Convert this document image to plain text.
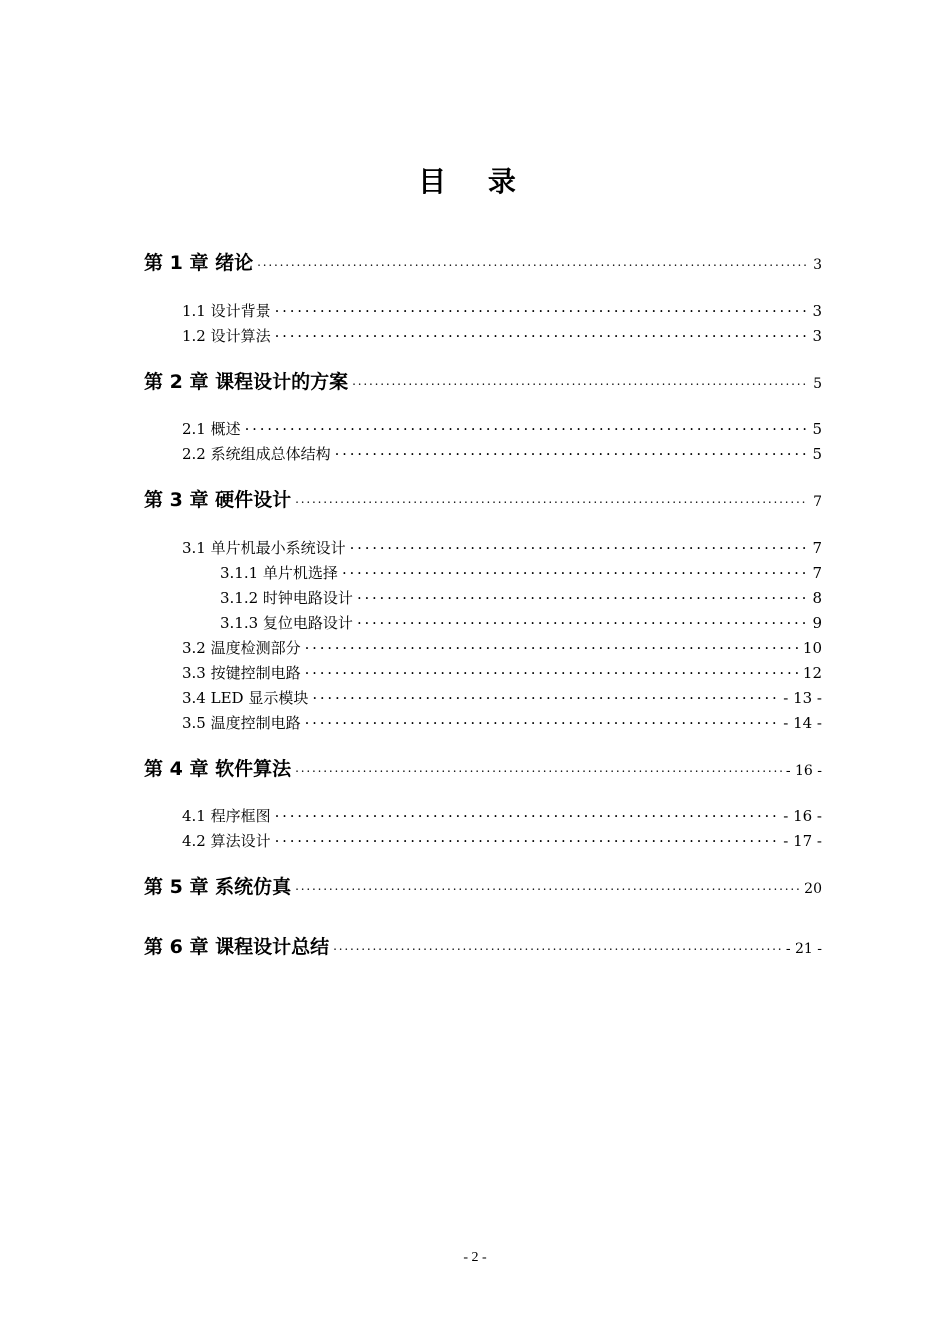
目 录
第 1 章 绪论 . . .	3
1.1 设计背景 . . .	3
1.2 设计算法 . . .	3
第 2 章 课程设计的方案 . . .	5
2.1 概述 . . .	5
2.2 系统组成总体结构 . . .	5
第 3 章 硬件设计 . . .	7
3.1 单片机最小系统设计 . . .	7
3.1.1 单片机选择 . . .	7
3.1.2 时钟电路设计 . . .	8
3.1.3 复位电路设计 . . .	9
3.2 温度检测部分 . . .	10
3.3 按键控制电路 . . .	12
3.4 LED 显示模块 . . .	- 13 -
3.5 温度控制电路 . . .	- 14 -
第 4 章 软件算法 . . .	- 16 -
4.1 程序框图 . . .	- 16 -
4.2 算法设计 . . .	- 17 -
第 5 章 系统仿真 . . .	20
第 6 章 课程设计总结 . . .	- 21 -
- 2 -
